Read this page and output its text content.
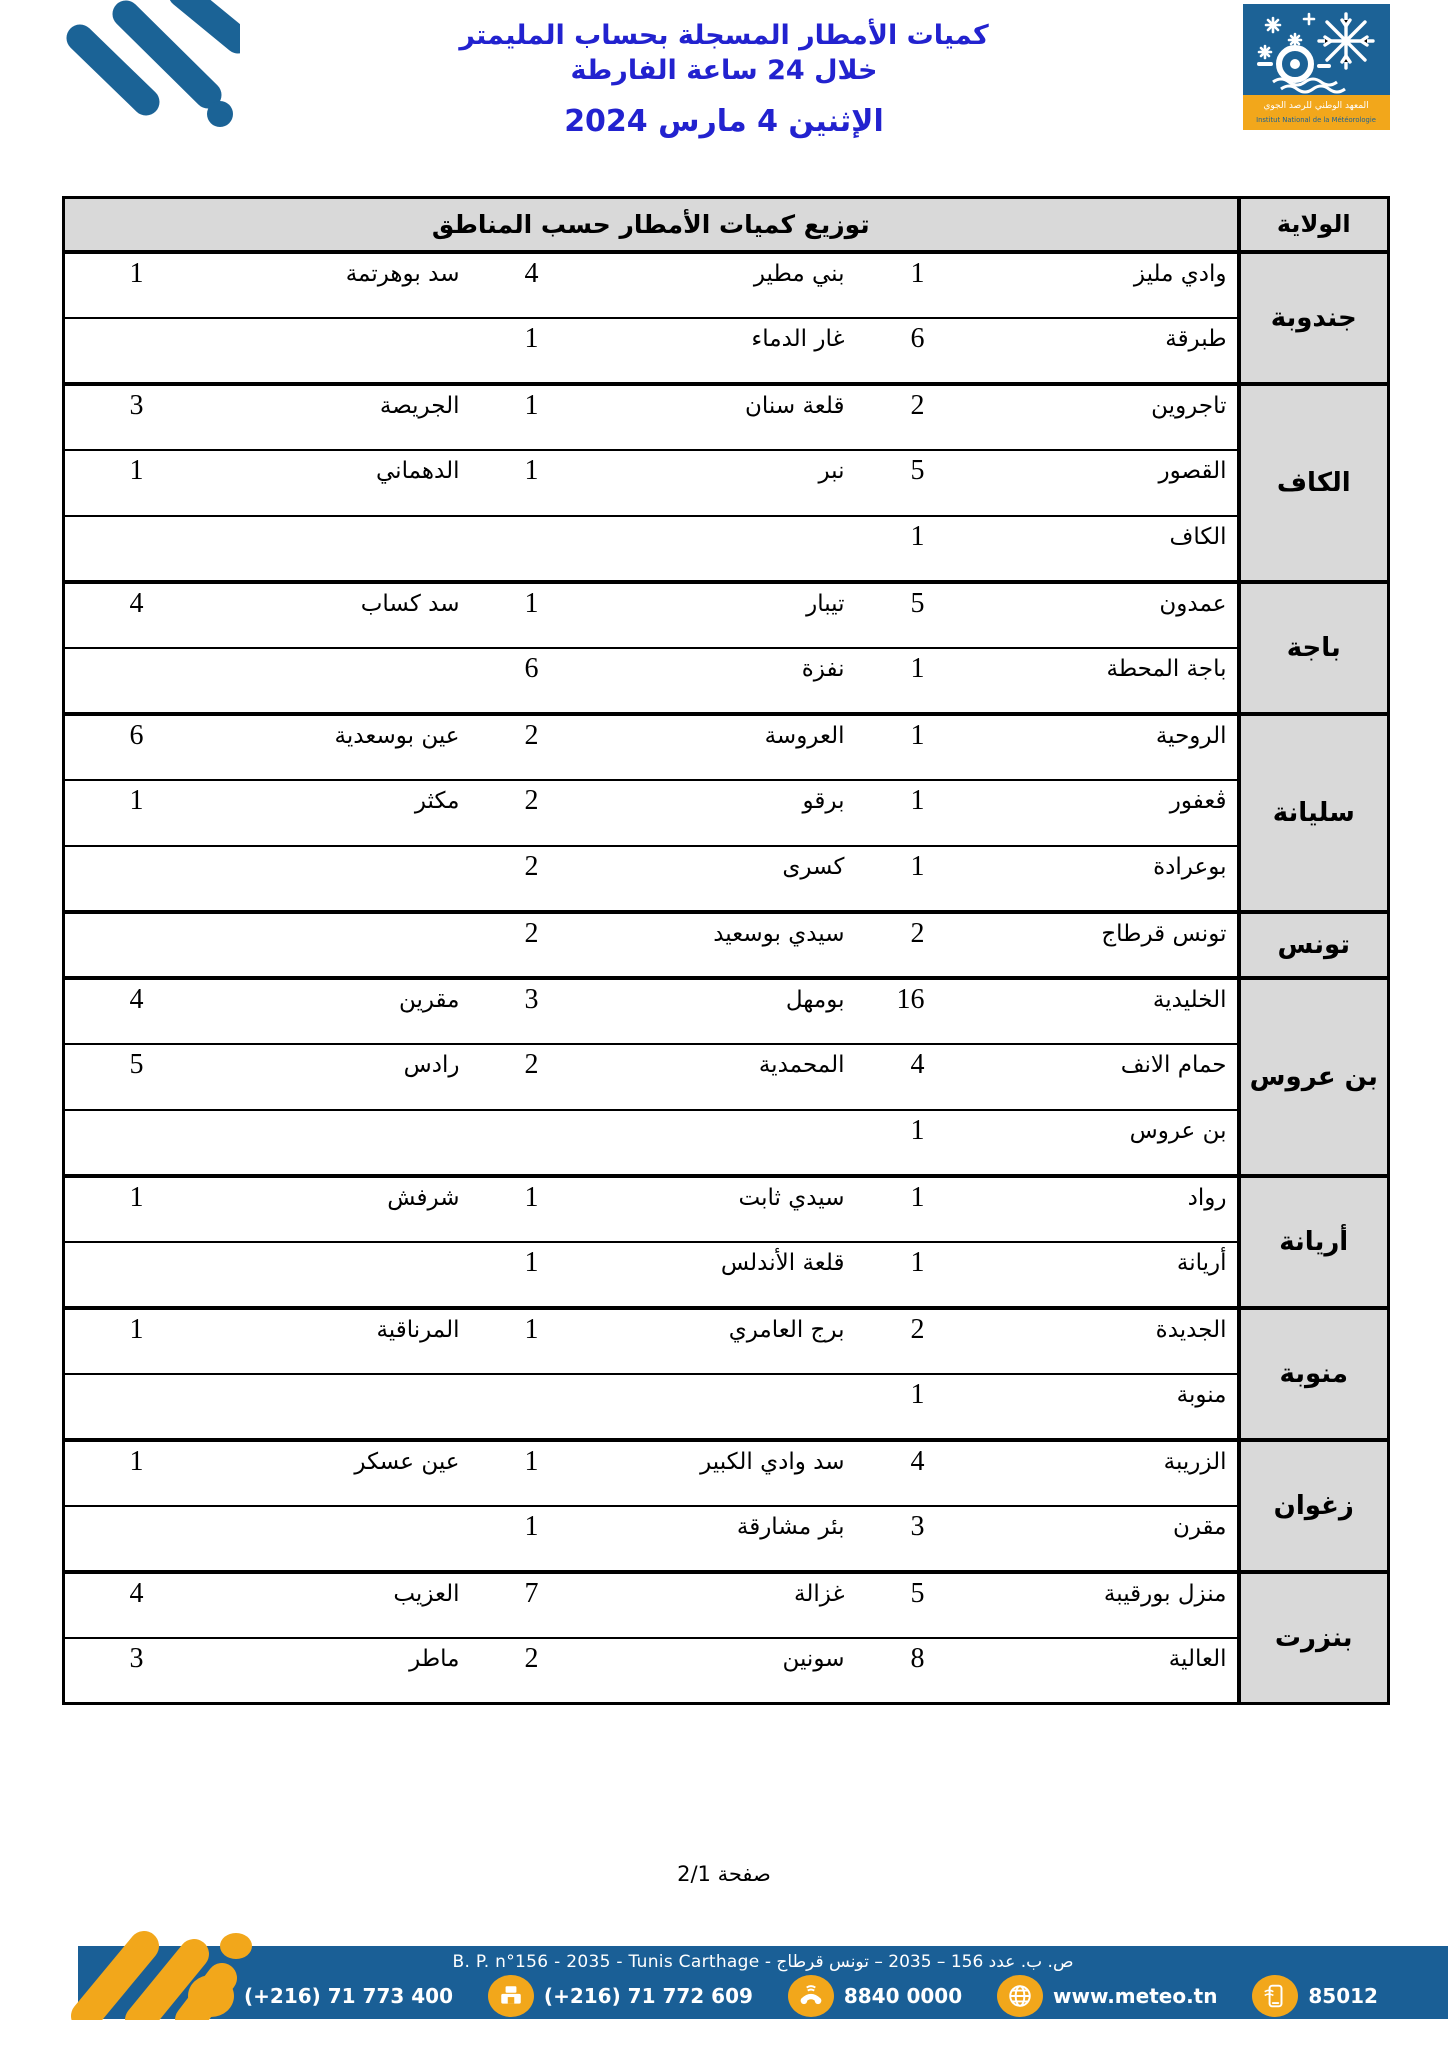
كميات الأمطار المسجلة بحساب المليمتر
خلال 24 ساعة الفارطة
الإثنين 4 مارس 2024	المعهد الوطني للرصد الجوي
Institut National de la Météorologie
الولاية	توزيع كميات الأمطار حسب المناطق					
جندوبة	وادي مليز	1	بني مطير	4	سد بوهرتمة	1
	طبرقة	6	غار الدماء	1		
الكاف	تاجروين	2	قلعة سنان	1	الجريصة	3
	القصور	5	نبر	1	الدهماني	1
	الكاف	1				
باجة	عمدون	5	تيبار	1	سد كساب	4
	باجة المحطة	1	نفزة	6		
سليانة	الروحية	1	العروسة	2	عين بوسعدية	6
	ڤعفور	1	برقو	2	مكثر	1
	بوعرادة	1	كسرى	2		
تونس	تونس قرطاج	2	سيدي بوسعيد	2		
بن عروس	الخليدية	16	بومهل	3	مقرين	4
	حمام الانف	4	المحمدية	2	رادس	5
	بن عروس	1				
أريانة	رواد	1	سيدي ثابت	1	شرفش	1
	أريانة	1	قلعة الأندلس	1		
منوبة	الجديدة	2	برج العامري	1	المرناقية	1
	منوبة	1				
زغوان	الزريبة	4	سد وادي الكبير	1	عين عسكر	1
	مقرن	3	بئر مشارقة	1		
بنزرت	منزل بورقيبة	5	غزالة	7	العزيب	4
	العالية	8	سونين	2	ماطر	3
صفحة 2/1
ص. ب. عدد 156 – 2035 – تونس قرطاج - B. P. n°156 - 2035 - Tunis Carthage
☎ (+216) 71 773 400	(+216) 71 772 609	8840 0000	www.meteo.tn	85012
